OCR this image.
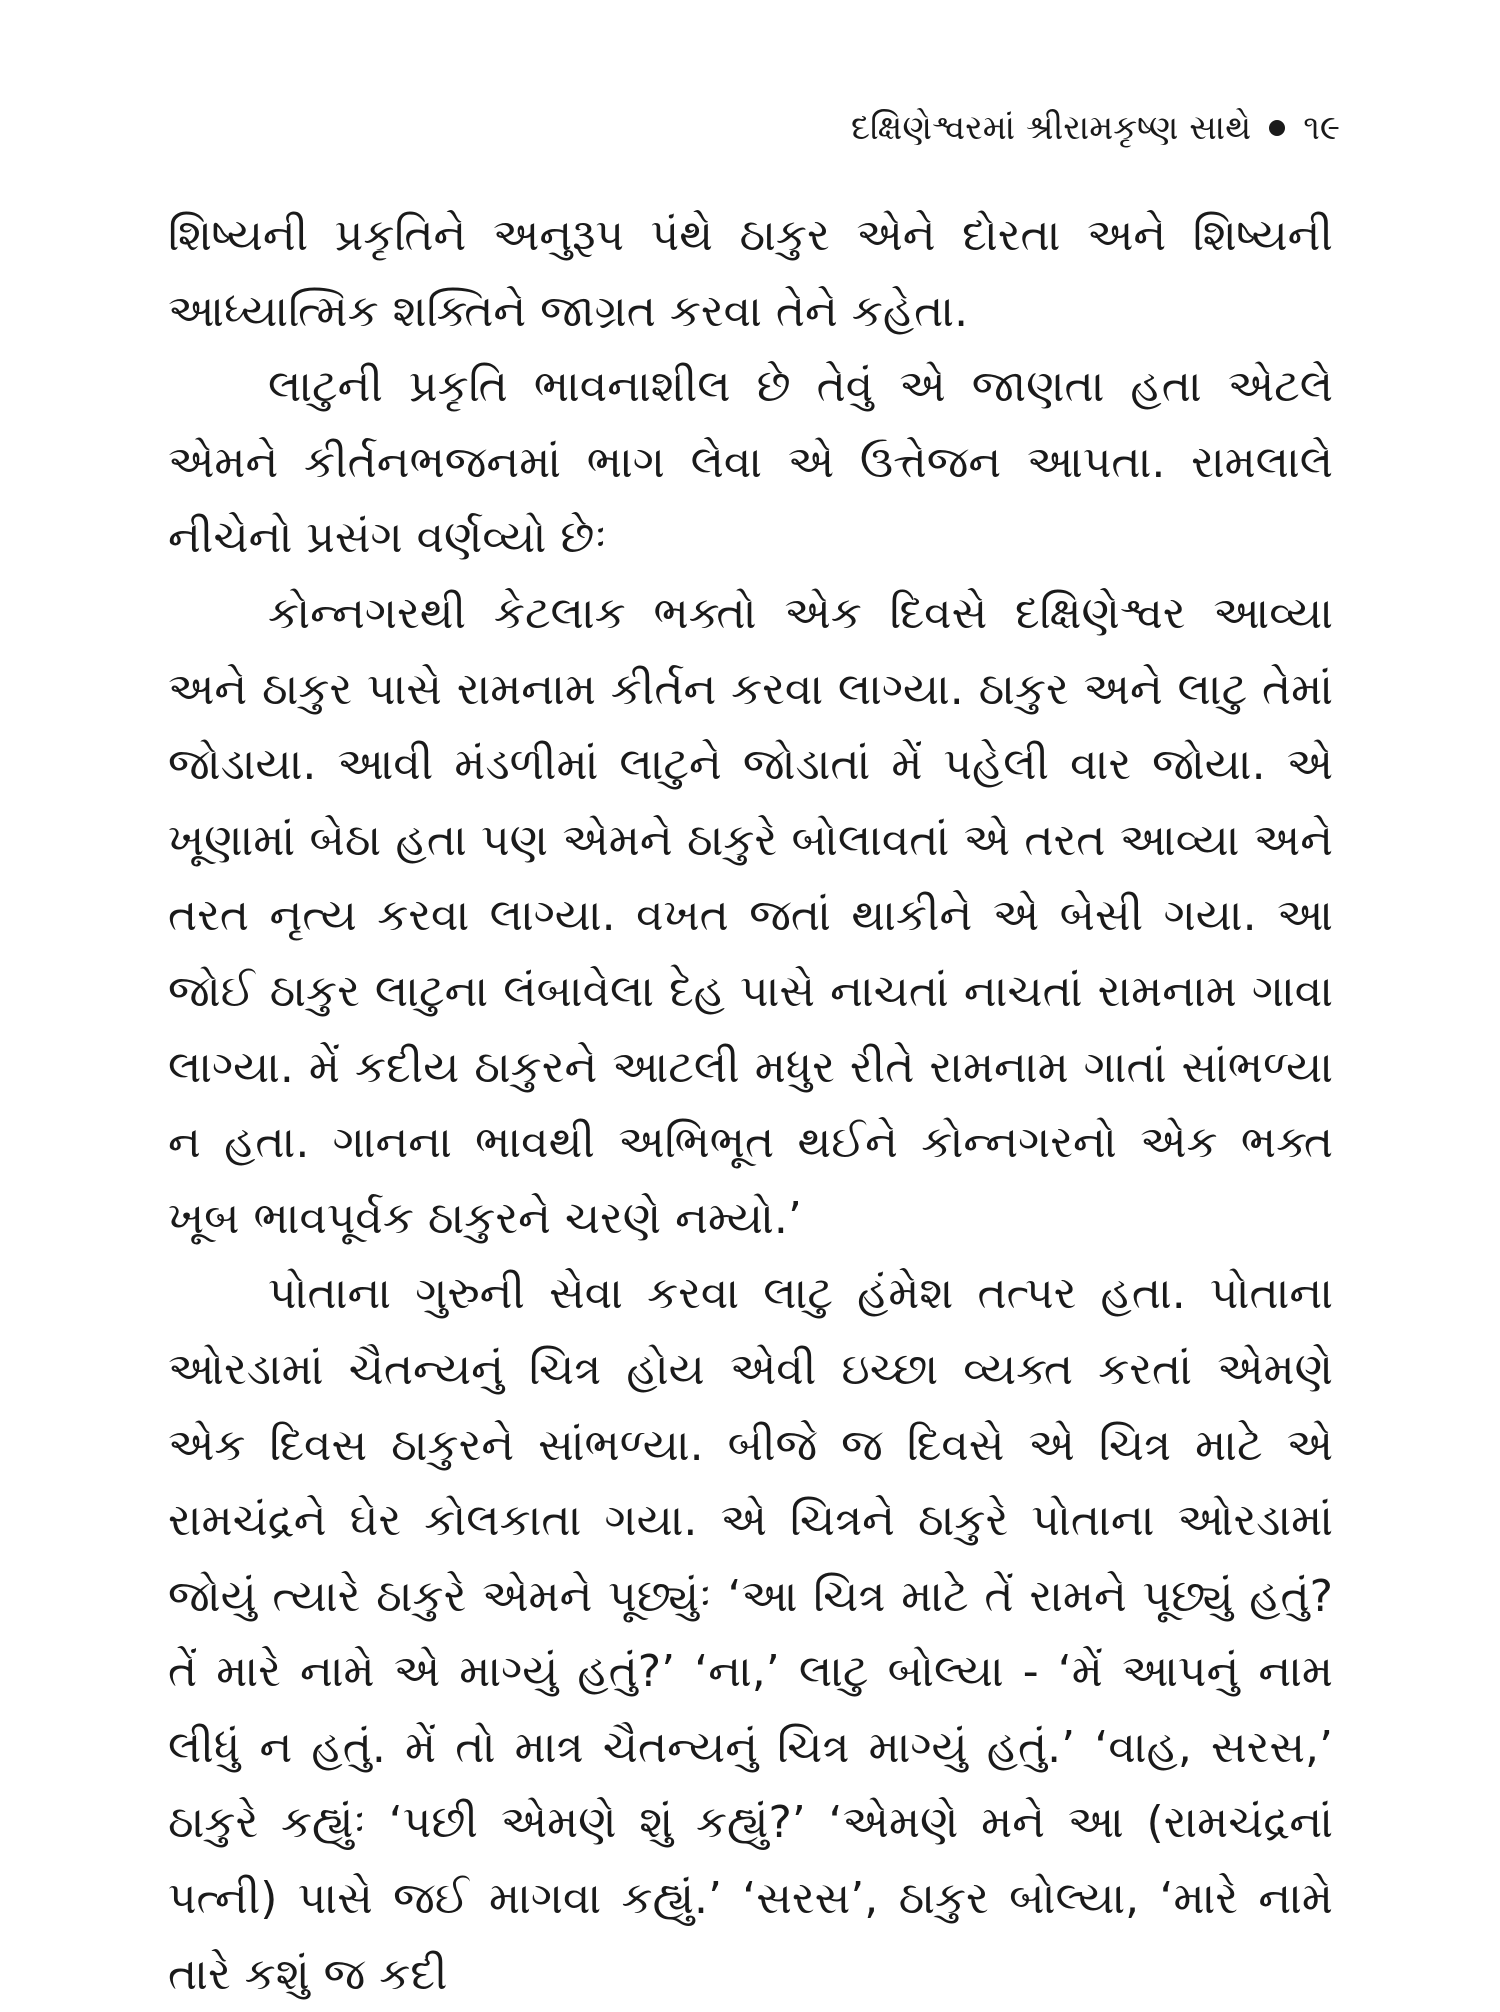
દક્ષિણેશ્વરમાં શ્રીરામકૃષ્ણ સાથે ૧૯

શિષ્યની પ્રકૃતિને અનુરૂપ પંથે ઠાકુર એને દોરતા અને શિષ્યની આધ્યાત્મિક શક્તિને જાગ્રત કરવા તેને કહેતા.

લાટુની પ્રકૃતિ ભાવનાશીલ છે તેવું એ જાણતા હતા એટલે એમને કીર્તનભજનમાં ભાગ લેવા એ ઉત્તેજન આપતા. રામલાલે નીચેનો પ્રસંગ વર્ણવ્યો છેઃ

કોન્નગરથી કેટલાક ભક્તો એક દિવસે દક્ષિણેશ્વર આવ્યા અને ઠાકુર પાસે રામનામ કીર્તન કરવા લાગ્યા. ઠાકુર અને લાટુ તેમાં જોડાયા. આવી મંડળીમાં લાટુને જોડાતાં મેં પહેલી વાર જોયા. એ ખૂણામાં બેઠા હતા પણ એમને ઠાકુરે બોલાવતાં એ તરત આવ્યા અને તરત નૃત્ય કરવા લાગ્યા. વખત જતાં થાકીને એ બેસી ગયા. આ જોઈ ઠાકુર લાટુના લંબાવેલા દેહ પાસે નાચતાં નાચતાં રામનામ ગાવા લાગ્યા. મેં કદીય ઠાકુરને આટલી મધુર રીતે રામનામ ગાતાં સાંભળ્યા ન હતા. ગાનના ભાવથી અભિભૂત થઈને કોન્નગરનો એક ભક્ત ખૂબ ભાવપૂર્વક ઠાકુરને ચરણે નમ્યો.’

પોતાના ગુરુની સેવા કરવા લાટુ હંમેશ તત્પર હતા. પોતાના ઓરડામાં ચૈતન્યનું ચિત્ર હોય એવી ઇચ્છા વ્યક્ત કરતાં એમણે એક દિવસ ઠાકુરને સાંભળ્યા. બીજે જ દિવસે એ ચિત્ર માટે એ રામચંદ્રને ઘેર કોલકાતા ગયા. એ ચિત્રને ઠાકુરે પોતાના ઓરડામાં જોયું ત્યારે ઠાકુરે એમને પૂછ્યુંઃ ‘આ ચિત્ર માટે તેં રામને પૂછ્યું હતું? તેં મારે નામે એ માગ્યું હતું?’ ‘ના,’ લાટુ બોલ્યા - ‘મેં આપનું નામ લીધું ન હતું. મેં તો માત્ર ચૈતન્યનું ચિત્ર માગ્યું હતું.’ ‘વાહ, સરસ,’ ઠાકુરે કહ્યુંઃ ‘પછી એમણે શું કહ્યું?’ ‘એમણે મને આ (રામચંદ્રનાં પત્ની) પાસે જઈ માગવા કહ્યું.’ ‘સરસ’, ઠાકુર બોલ્યા, ‘મારે નામે તારે કશું જ કદી
